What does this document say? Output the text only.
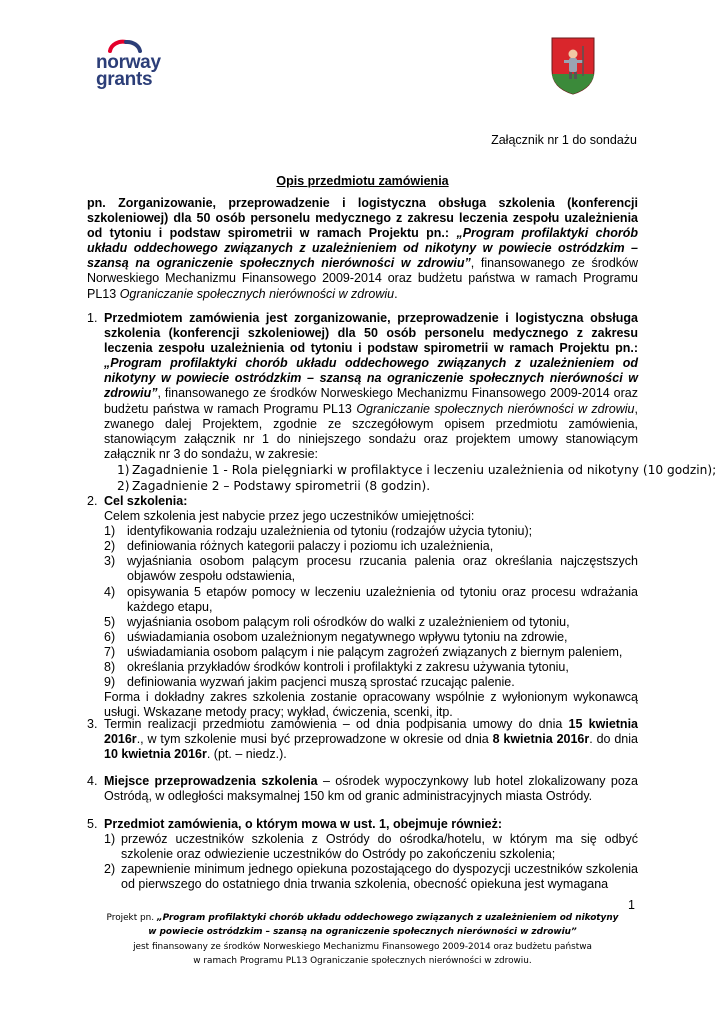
norway
grants
Załącznik nr 1 do sondażu
Opis przedmiotu zamówienia
pn. Zorganizowanie, przeprowadzenie i logistyczna obsługa szkolenia (konferencji szkoleniowej) dla 50 osób personelu medycznego z zakresu leczenia zespołu uzależnienia od tytoniu i podstaw spirometrii w ramach Projektu pn.: „Program profilaktyki chorób układu oddechowego związanych z uzależnieniem od nikotyny w powiecie ostródzkim – szansą na ograniczenie społecznych nierówności w zdrowiu”, finansowanego ze środków Norweskiego Mechanizmu Finansowego 2009-2014 oraz budżetu państwa w ramach Programu PL13 Ograniczanie społecznych nierówności w zdrowiu.
1. Przedmiotem zamówienia jest zorganizowanie, przeprowadzenie i logistyczna obsługa szkolenia (konferencji szkoleniowej) dla 50 osób personelu medycznego z zakresu leczenia zespołu uzależnienia od tytoniu i podstaw spirometrii w ramach Projektu pn.: „Program profilaktyki chorób układu oddechowego związanych z uzależnieniem od nikotyny w powiecie ostródzkim – szansą na ograniczenie społecznych nierówności w zdrowiu”, finansowanego ze środków Norweskiego Mechanizmu Finansowego 2009-2014 oraz budżetu państwa w ramach Programu PL13 Ograniczanie społecznych nierówności w zdrowiu, zwanego dalej Projektem, zgodnie ze szczegółowym opisem przedmiotu zamówienia, stanowiącym załącznik nr 1 do niniejszego sondażu oraz projektem umowy stanowiącym załącznik nr 3 do sondażu, w zakresie:
1) Zagadnienie 1 - Rola pielęgniarki w profilaktyce i leczeniu uzależnienia od nikotyny (10 godzin);
2) Zagadnienie 2 – Podstawy spirometrii (8 godzin).
2. Cel szkolenia:
Celem szkolenia jest nabycie przez jego uczestników umiejętności:
1) identyfikowania rodzaju uzależnienia od tytoniu (rodzajów użycia tytoniu);
2) definiowania różnych kategorii palaczy i poziomu ich uzależnienia,
3) wyjaśniania osobom palącym procesu rzucania palenia oraz określania najczęstszych objawów zespołu odstawienia,
4) opisywania 5 etapów pomocy w leczeniu uzależnienia od tytoniu oraz procesu wdrażania każdego etapu,
5) wyjaśniania osobom palącym roli ośrodków do walki z uzależnieniem od tytoniu,
6) uświadamiania osobom uzależnionym negatywnego wpływu tytoniu na zdrowie,
7) uświadamiania osobom palącym i nie palącym zagrożeń związanych z biernym paleniem,
8) określania przykładów środków kontroli i profilaktyki z zakresu używania tytoniu,
9) definiowania wyzwań jakim pacjenci muszą sprostać rzucając palenie.
Forma i dokładny zakres szkolenia zostanie opracowany wspólnie z wyłonionym wykonawcą usługi. Wskazane metody pracy; wykład, ćwiczenia, scenki, itp.
3. Termin realizacji przedmiotu zamówienia – od dnia podpisania umowy do dnia 15 kwietnia 2016r., w tym szkolenie musi być przeprowadzone w okresie od dnia 8 kwietnia 2016r. do dnia 10 kwietnia 2016r. (pt. – niedz.).
4. Miejsce przeprowadzenia szkolenia – ośrodek wypoczynkowy lub hotel zlokalizowany poza Ostródą, w odległości maksymalnej 150 km od granic administracyjnych miasta Ostródy.
5. Przedmiot zamówienia, o którym mowa w ust. 1, obejmuje również:
1) przewóz uczestników szkolenia z Ostródy do ośrodka/hotelu, w którym ma się odbyć szkolenie oraz odwiezienie uczestników do Ostródy po zakończeniu szkolenia;
2) zapewnienie minimum jednego opiekuna pozostającego do dyspozycji uczestników szkolenia od pierwszego do ostatniego dnia trwania szkolenia, obecność opiekuna jest wymagana
1
Projekt pn. „Program profilaktyki chorób układu oddechowego związanych z uzależnieniem od nikotyny
w powiecie ostródzkim – szansą na ograniczenie społecznych nierówności w zdrowiu”
jest finansowany ze środków Norweskiego Mechanizmu Finansowego 2009-2014 oraz budżetu państwa
w ramach Programu PL13 Ograniczanie społecznych nierówności w zdrowiu.
